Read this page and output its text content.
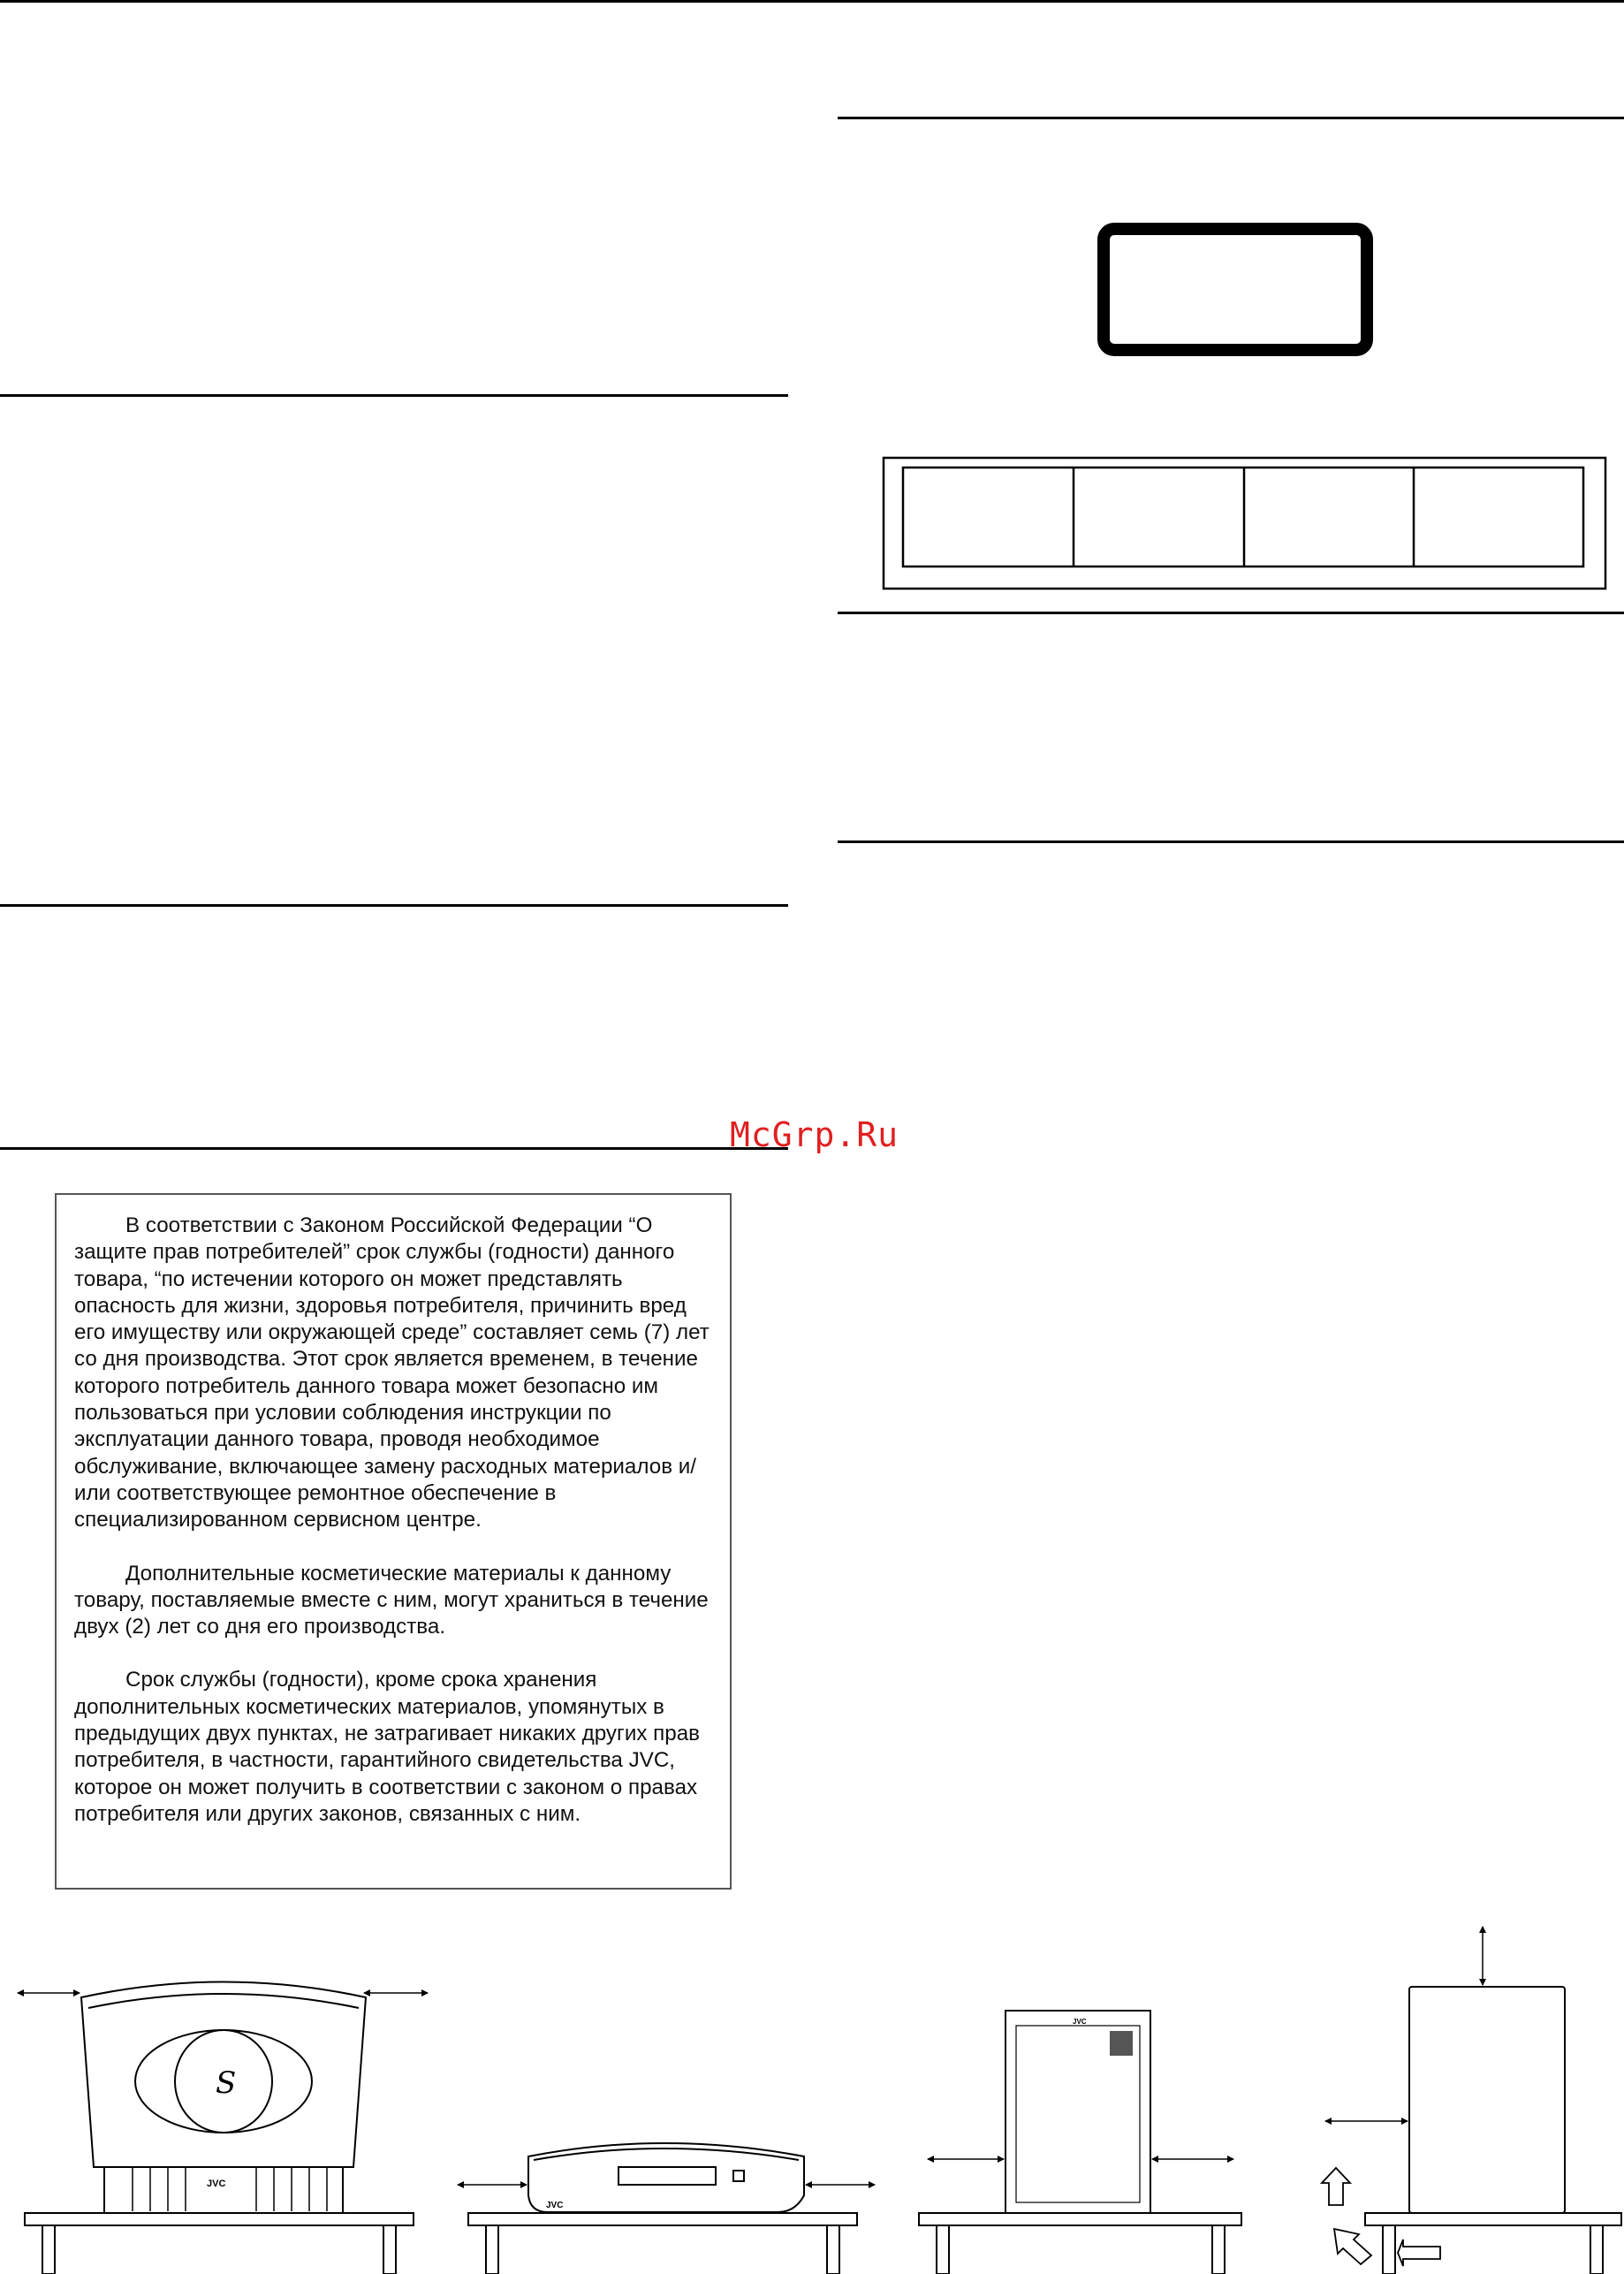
McGrp.Ru

В соответствии с Законом Российской Федерации “О защите прав потребителей” срок службы (годности) данного товара, “по истечении которого он может представлять опасность для жизни, здоровья потребителя, причинить вред его имуществу или окружающей среде” составляет семь (7) лет со дня производства. Этот срок является временем, в течение которого потребитель данного товара может безопасно им пользоваться при условии соблюдения инструкции по эксплуатации данного товара, проводя необходимое обслуживание, включающее замену расходных материалов и/или соответствующее ремонтное обеспечение в специализированном сервисном центре.

Дополнительные косметические материалы к данному товару, поставляемые вместе с ним, могут храниться в течение двух (2) лет со дня его производства.

Срок службы (годности), кроме срока хранения дополнительных косметических материалов, упомянутых в предыдущих двух пунктах, не затрагивает никаких других прав потребителя, в частности, гарантийного свидетельства JVC, которое он может получить в соответствии с законом о правах потребителя или других законов, связанных с ним.

S
JVC
JVC
JVC
